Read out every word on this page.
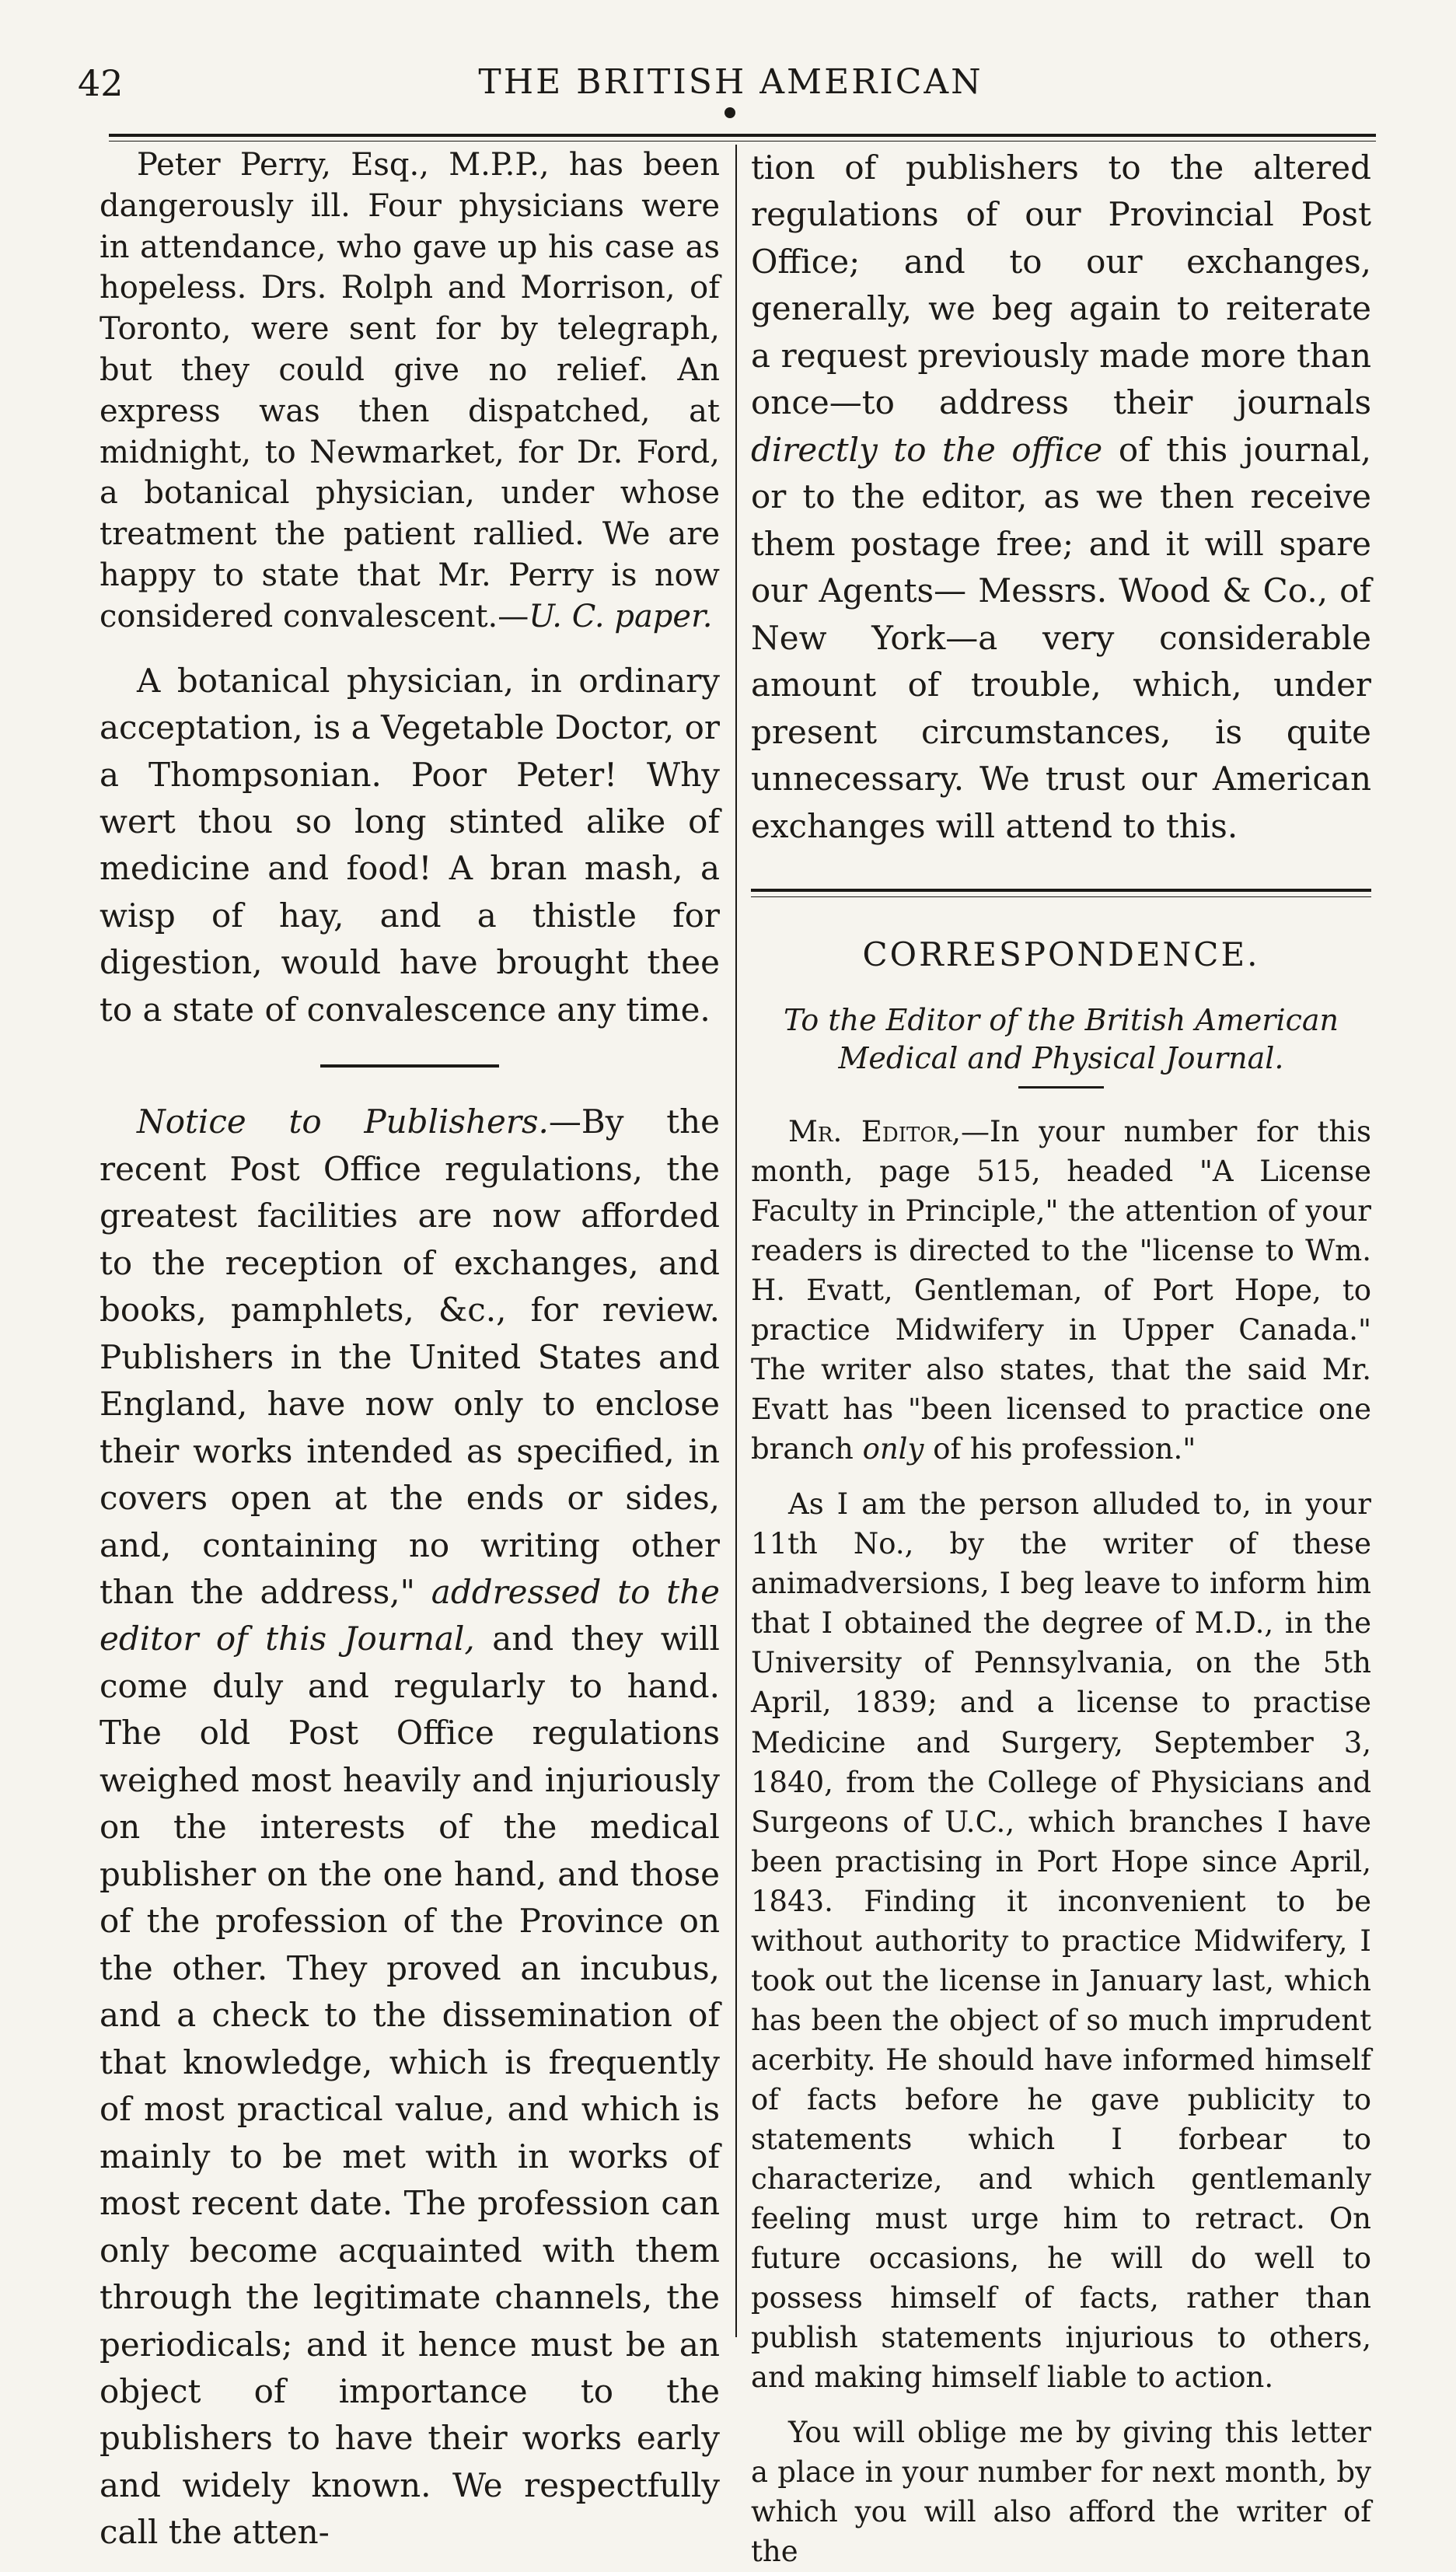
42	THE BRITISH AMERICAN

Peter Perry, Esq., M.P.P., has been dangerously ill. Four physicians were in attendance, who gave up his case as hopeless. Drs. Rolph and Morrison, of Toronto, were sent for by telegraph, but they could give no relief. An express was then dispatched, at midnight, to Newmarket, for Dr. Ford, a botanical physician, under whose treatment the patient rallied. We are happy to state that Mr. Perry is now considered convalescent.—U. C. paper.

A botanical physician, in ordinary acceptation, is a Vegetable Doctor, or a Thompsonian. Poor Peter! Why wert thou so long stinted alike of medicine and food! A bran mash, a wisp of hay, and a thistle for digestion, would have brought thee to a state of convalescence any time.

Notice to Publishers.—By the recent Post Office regulations, the greatest facilities are now afforded to the reception of exchanges, and books, pamphlets, &c., for review. Publishers in the United States and England, have now only to enclose their works intended as specified, in covers open at the ends or sides, and, containing no writing other than the address," addressed to the editor of this Journal, and they will come duly and regularly to hand. The old Post Office regulations weighed most heavily and injuriously on the interests of the medical publisher on the one hand, and those of the profession of the Province on the other. They proved an incubus, and a check to the dissemination of that knowledge, which is frequently of most practical value, and which is mainly to be met with in works of most recent date. The profession can only become acquainted with them through the legitimate channels, the periodicals; and it hence must be an object of importance to the publishers to have their works early and widely known. We respectfully call the atten-

tion of publishers to the altered regulations of our Provincial Post Office; and to our exchanges, generally, we beg again to reiterate a request previously made more than once—to address their journals directly to the office of this journal, or to the editor, as we then receive them postage free; and it will spare our Agents— Messrs. Wood & Co., of New York—a very considerable amount of trouble, which, under present circumstances, is quite unnecessary. We trust our American exchanges will attend to this.

CORRESPONDENCE.
To the Editor of the British American Medical and Physical Journal.

Mr. Editor,—In your number for this month, page 515, headed "A License Faculty in Principle," the attention of your readers is directed to the "license to Wm. H. Evatt, Gentleman, of Port Hope, to practice Midwifery in Upper Canada." The writer also states, that the said Mr. Evatt has "been licensed to practice one branch only of his profession."

As I am the person alluded to, in your 11th No., by the writer of these animadversions, I beg leave to inform him that I obtained the degree of M.D., in the University of Pennsylvania, on the 5th April, 1839; and a license to practise Medicine and Surgery, September 3, 1840, from the College of Physicians and Surgeons of U.C., which branches I have been practising in Port Hope since April, 1843. Finding it inconvenient to be without authority to practice Midwifery, I took out the license in January last, which has been the object of so much imprudent acerbity. He should have informed himself of facts before he gave publicity to statements which I forbear to characterize, and which gentlemanly feeling must urge him to retract. On future occasions, he will do well to possess himself of facts, rather than publish statements injurious to others, and making himself liable to action.

You will oblige me by giving this letter a place in your number for next month, by which you will also afford the writer of the
